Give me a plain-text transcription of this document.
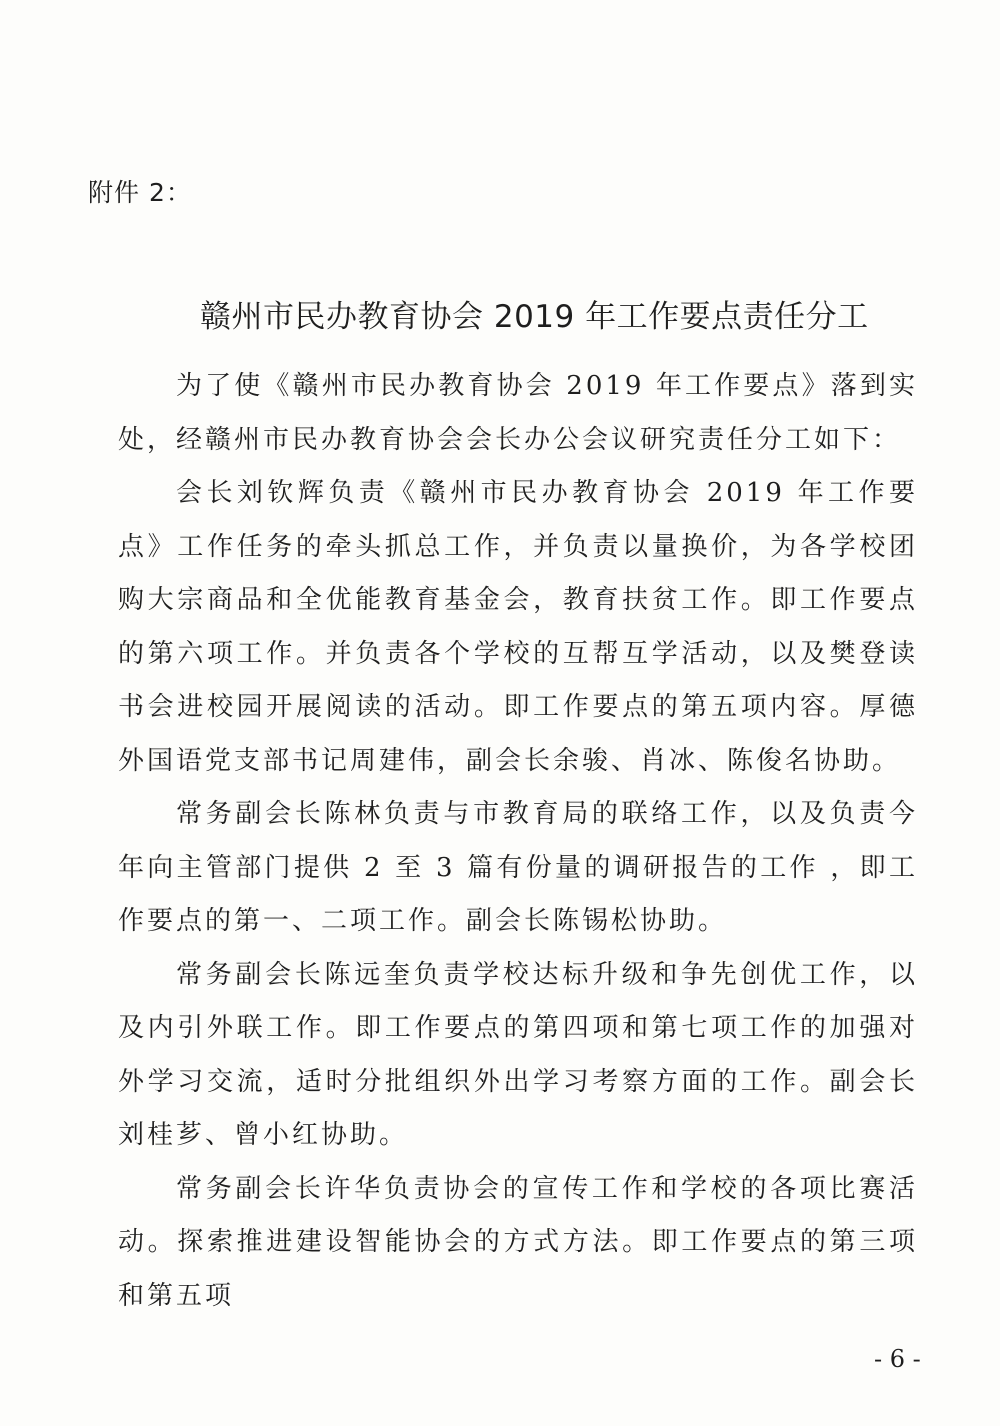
附件 2：
赣州市民办教育协会 2019 年工作要点责任分工

为了使《赣州市民办教育协会 2019 年工作要点》落到实处，经赣州市民办教育协会会长办公会议研究责任分工如下：

会长刘钦辉负责《赣州市民办教育协会 2019 年工作要点》工作任务的牵头抓总工作，并负责以量换价，为各学校团购大宗商品和全优能教育基金会，教育扶贫工作。即工作要点的第六项工作。并负责各个学校的互帮互学活动，以及樊登读书会进校园开展阅读的活动。即工作要点的第五项内容。厚德外国语党支部书记周建伟，副会长余骏、肖冰、陈俊名协助。

常务副会长陈林负责与市教育局的联络工作，以及负责今年向主管部门提供 2 至 3 篇有份量的调研报告的工作 ，即工作要点的第一、二项工作。副会长陈锡松协助。

常务副会长陈远奎负责学校达标升级和争先创优工作，以及内引外联工作。即工作要点的第四项和第七项工作的加强对外学习交流，适时分批组织外出学习考察方面的工作。副会长刘桂芗、曾小红协助。

常务副会长许华负责协会的宣传工作和学校的各项比赛活动。探索推进建设智能协会的方式方法。即工作要点的第三项和第五项

- 6 -
